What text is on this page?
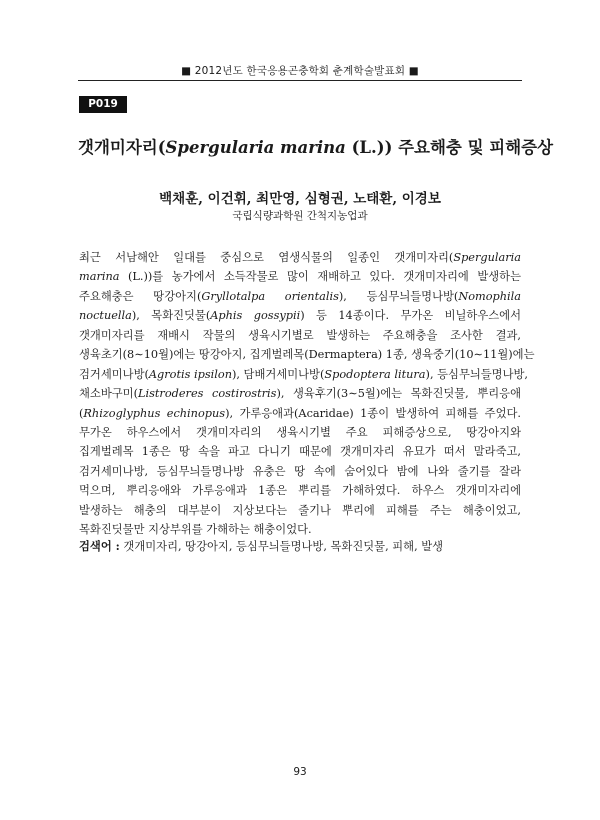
■ 2012년도 한국응용곤충학회 춘계학술발표회 ■
P019
갯개미자리(Spergularia marina (L.)) 주요해충 및 피해증상
백채훈, 이건휘, 최만영, 심형권, 노태환, 이경보
국립식량과학원 간척지농업과
최근 서남해안 일대를 중심으로 염생식물의 일종인 갯개미자리(Spergularia
marina (L.))를 농가에서 소득작물로 많이 재배하고 있다. 갯개미자리에 발생하는
주요해충은 땅강아지(Gryllotalpa orientalis), 등심무늬들명나방(Nomophila
noctuella), 목화진딧물(Aphis gossypii) 등 14종이다. 무가온 비닐하우스에서
갯개미자리를 재배시 작물의 생육시기별로 발생하는 주요해충을 조사한 결과,
생육초기(8∼10월)에는 땅강아지, 집게벌레목(Dermaptera) 1종, 생육중기(10∼11월)에는
검거세미나방(Agrotis ipsilon), 담배거세미나방(Spodoptera litura), 등심무늬들명나방,
채소바구미(Listroderes costirostris), 생육후기(3∼5월)에는 목화진딧물, 뿌리응애
(Rhizoglyphus echinopus), 가루응애과(Acaridae) 1종이 발생하여 피해를 주었다.
무가온 하우스에서 갯개미자리의 생육시기별 주요 피해증상으로, 땅강아지와
집게벌레목 1종은 땅 속을 파고 다니기 때문에 갯개미자리 유묘가 떠서 말라죽고,
검거세미나방, 등심무늬들명나방 유충은 땅 속에 숨어있다 밤에 나와 줄기를 잘라
먹으며, 뿌리응애와 가루응애과 1종은 뿌리를 가해하였다. 하우스 갯개미자리에
발생하는 해충의 대부분이 지상보다는 줄기나 뿌리에 피해를 주는 해충이었고,
목화진딧물만 지상부위를 가해하는 해충이었다.
검색어 : 갯개미자리, 땅강아지, 등심무늬들명나방, 목화진딧물, 피해, 발생
93
